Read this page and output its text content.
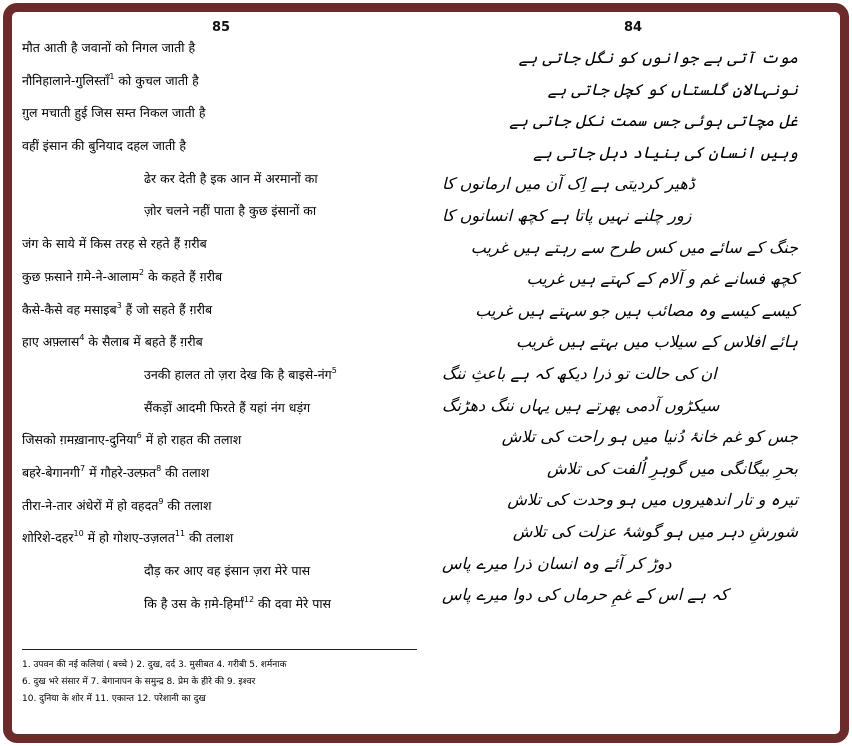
85	84
मौत आती है जवानों को निगल जाती है
नौनिहालाने-गुलिस्ताँ$^1$ को कुचल जाती है
ग़ुल मचाती हुई जिस सम्त निकल जाती है
वहीं इंसान की बुनियाद दहल जाती है
ढेर कर देती है इक आन में अरमानों का
ज़ोर चलने नहीं पाता है कुछ इंसानों का
जंग के साये में किस तरह से रहते हैं ग़रीब
कुछ फ़साने ग़मे-ने-आलाम$^2$ के कहते हैं ग़रीब
कैसे-कैसे वह मसाइब$^3$ हैं जो सहते हैं ग़रीब
हाए अफ़्लास$^4$ के सैलाब में बहते हैं ग़रीब
उनकी हालत तो ज़रा देख कि है बाइसे-नंग$^5$
सैंकड़ों आदमी फिरते हैं यहां नंग धड़ंग
जिसको ग़मख़ानाए-दुनिया$^6$ में हो राहत की तलाश
बहरे-बेगानगी$^7$ में गौहरे-उल्फ़त$^8$ की तलाश
तीरा-ने-तार अंधेरों में हो वहदत$^9$ की तलाश
शोरिशे-दहर$^{10}$ में हो गोशए-उज़लत$^{11}$ की तलाश
दौड़ कर आए वह इंसान ज़रा मेरे पास
कि है उस के ग़मे-हिर्मां$^{12}$ की दवा मेरे पास
1. उपवन की नई कलियां ( बच्चे ) 2. दुख, दर्द 3. मुसीबत 4. गरीबी 5. शर्मनाक
6. दुख भरे संसार में 7. बेगानापन के समुन्द्र 8. प्रेम के हीरे की 9. इश्वर
10. दुनिया के शोर में 11. एकान्त 12. परेशानी का दुख
موت آتی ہے جوانوں کو نگل جاتی ہے
نونہالانِ گلستاں کو کچل جاتی ہے
غل مچاتی ہوئی جس سمت نکل جاتی ہے
وہیں انسان کی بنیاد دہل جاتی ہے
ڈھیر کردیتی ہے اِک آن میں ارمانوں کا
زور چلنے نہیں پاتا ہے کچھ انسانوں کا
جنگ کے سائے میں کس طرح سے رہتے ہیں غریب
کچھ فسانے غم و آلام کے کہتے ہیں غریب
کیسے کیسے وہ مصائب ہیں جو سہتے ہیں غریب
ہائے افلاس کے سیلاب میں بہتے ہیں غریب
ان کی حالت تو ذرا دیکھ کہ ہے باعثِ ننگ
سیکڑوں آدمی پھرتے ہیں یہاں ننگ دھڑنگ
جس کو غم خانۂ دُنیا میں ہو راحت کی تلاش
بحرِ بیگانگی میں گوہرِ اُلفت کی تلاش
تیرہ و تار اندھیروں میں ہو وحدت کی تلاش
شورشِ دہر میں ہو گوشۂ عزلت کی تلاش
دوڑ کر آئے وہ انسان ذرا میرے پاس
کہ ہے اس کے غمِ حرماں کی دوا میرے پاس
